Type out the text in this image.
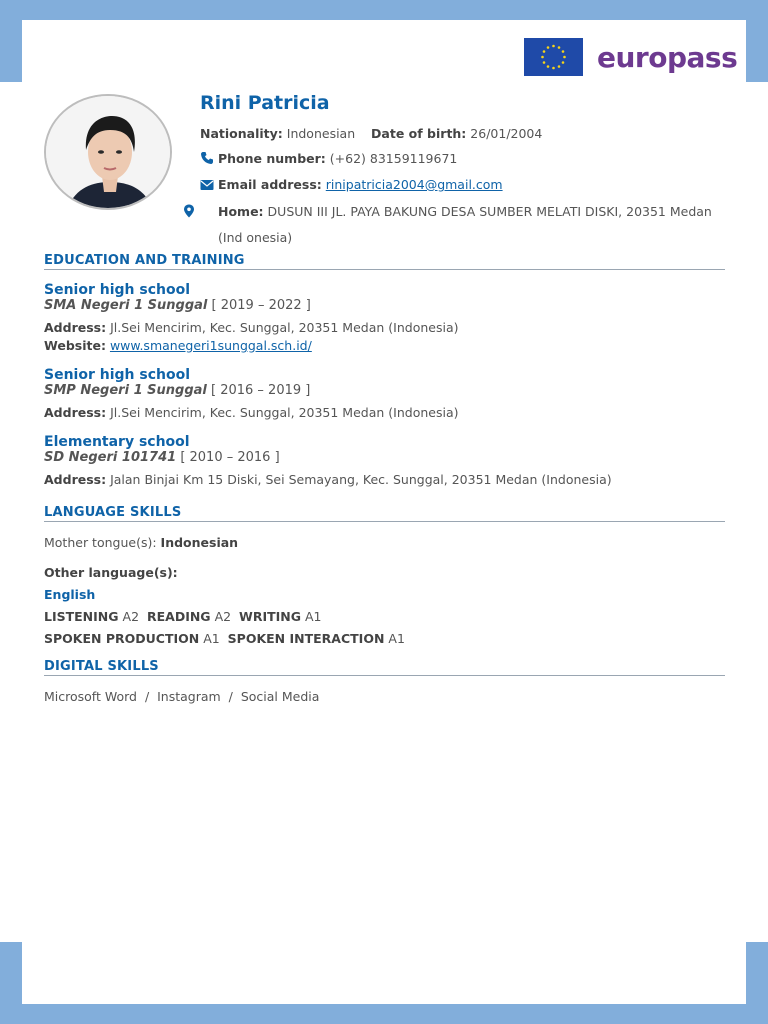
europass
Rini Patricia
Nationality: Indonesian Date of birth: 26/01/2004
Phone number: (+62) 83159119671
Email address: rinipatricia2004@gmail.com
Home: DUSUN III JL. PAYA BAKUNG DESA SUMBER MELATI DISKI, 20351 Medan (Ind onesia)
EDUCATION AND TRAINING
Senior high school
SMA Negeri 1 Sunggal [ 2019 – 2022 ]
Address: Jl.Sei Mencirim, Kec. Sunggal, 20351 Medan (Indonesia)
Website: www.smanegeri1sunggal.sch.id/
Senior high school
SMP Negeri 1 Sunggal [ 2016 – 2019 ]
Address: Jl.Sei Mencirim, Kec. Sunggal, 20351 Medan (Indonesia)
Elementary school
SD Negeri 101741 [ 2010 – 2016 ]
Address: Jalan Binjai Km 15 Diski, Sei Semayang, Kec. Sunggal, 20351 Medan (Indonesia)
LANGUAGE SKILLS
Mother tongue(s): Indonesian
Other language(s):
English
LISTENING A2 READING A2 WRITING A1
SPOKEN PRODUCTION A1 SPOKEN INTERACTION A1
DIGITAL SKILLS
Microsoft Word / Instagram / Social Media
